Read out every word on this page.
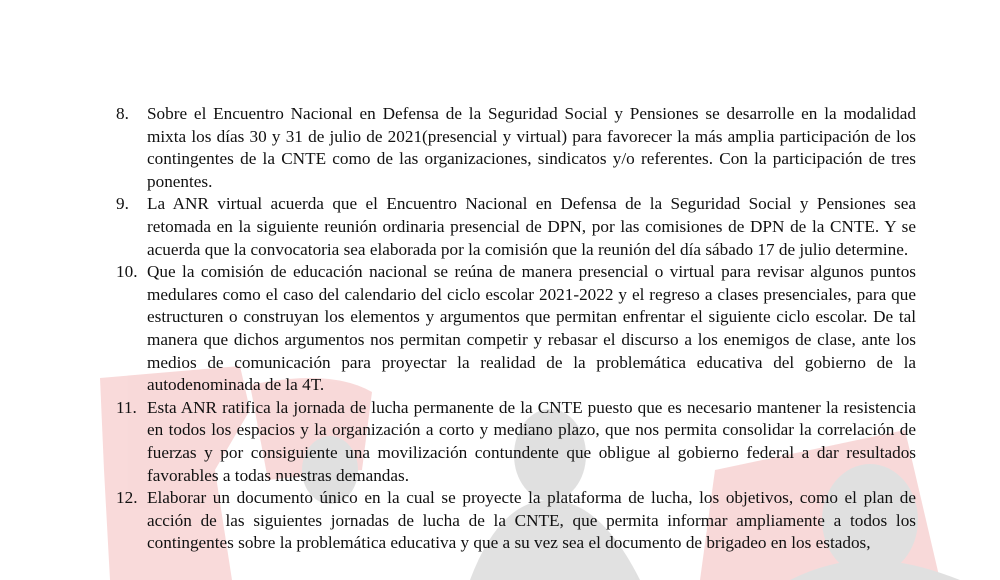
8. Sobre el Encuentro Nacional en Defensa de la Seguridad Social y Pensiones se desarrolle en la modalidad mixta los días 30 y 31 de julio de 2021(presencial y virtual) para favorecer la más amplia participación de los contingentes de la CNTE como de las organizaciones, sindicatos y/o referentes. Con la participación de tres ponentes.
9. La ANR virtual acuerda que el Encuentro Nacional en Defensa de la Seguridad Social y Pensiones sea retomada en la siguiente reunión ordinaria presencial de DPN, por las comisiones de DPN de la CNTE. Y se acuerda que la convocatoria sea elaborada por la comisión que la reunión del día sábado 17 de julio determine.
10. Que la comisión de educación nacional se reúna de manera presencial o virtual para revisar algunos puntos medulares como el caso del calendario del ciclo escolar 2021-2022 y el regreso a clases presenciales, para que estructuren o construyan los elementos y argumentos que permitan enfrentar el siguiente ciclo escolar. De tal manera que dichos argumentos nos permitan competir y rebasar el discurso a los enemigos de clase, ante los medios de comunicación para proyectar la realidad de la problemática educativa del gobierno de la autodenominada de la 4T.
11. Esta ANR ratifica la jornada de lucha permanente de la CNTE puesto que es necesario mantener la resistencia en todos los espacios y la organización a corto y mediano plazo, que nos permita consolidar la correlación de fuerzas y por consiguiente una movilización contundente que obligue al gobierno federal a dar resultados favorables a todas nuestras demandas.
12. Elaborar un documento único en la cual se proyecte la plataforma de lucha, los objetivos, como el plan de acción de las siguientes jornadas de lucha de la CNTE, que permita informar ampliamente a todos los contingentes sobre la problemática educativa y que a su vez sea el documento de brigadeo en los estados,
